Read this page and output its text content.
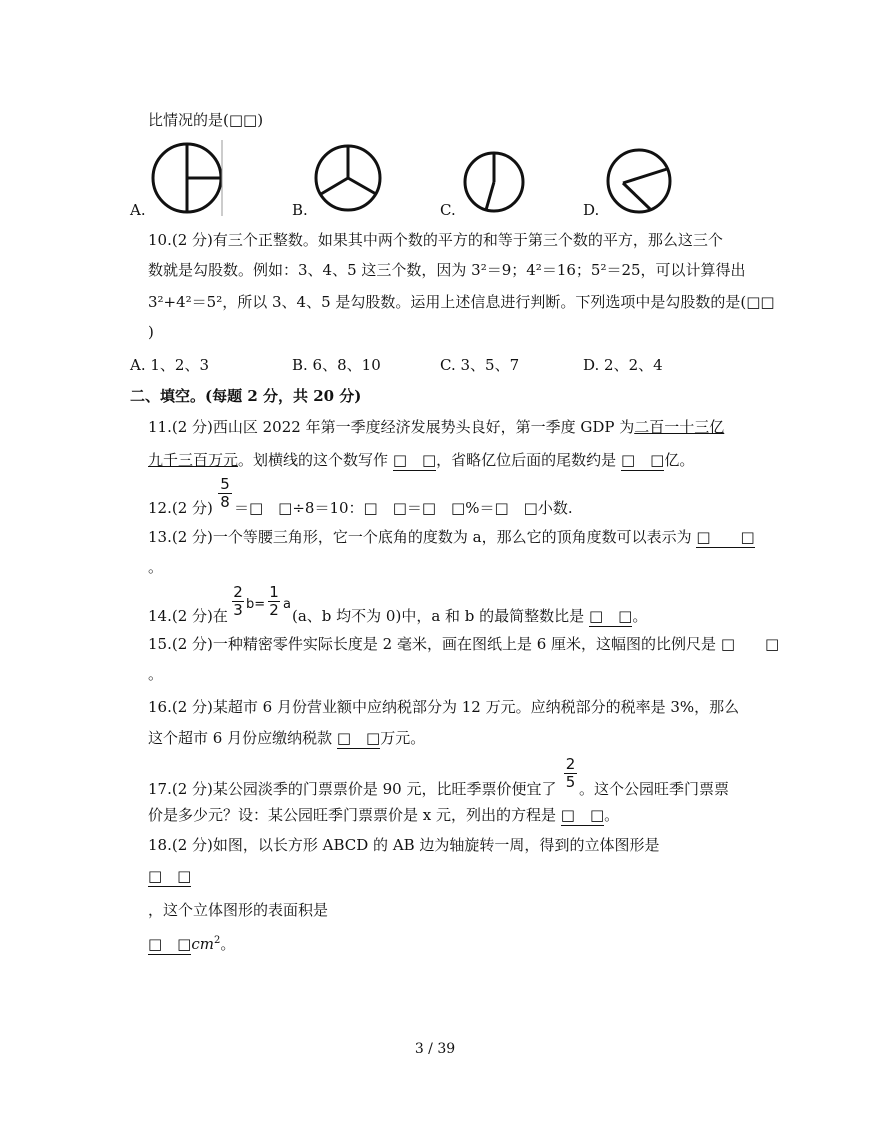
比情况的是(□□)
A.	B.	C.	D.
10.(2 分)有三个正整数。如果其中两个数的平方的和等于第三个数的平方，那么这三个
数就是勾股数。例如：3、4、5 这三个数，因为 3²＝9；4²＝16；5²＝25，可以计算得出
3²+4²＝5²，所以 3、4、5 是勾股数。运用上述信息进行判断。下列选项中是勾股数的是(□□
)
A. 1、2、3	B. 6、8、10	C. 3、5、7	D. 2、2、4
二、填空。(每题 2 分，共 20 分)
11.(2 分)西山区 2022 年第一季度经济发展势头良好，第一季度 GDP 为二百一十三亿
九千三百万元。划横线的这个数写作 □　□，省略亿位后面的尾数约是 □　□亿。
$\frac{5}{8}$
12.(2 分) ＝□　□÷8＝10：□　□＝□　□%＝□　□小数.
13.(2 分)一个等腰三角形，它一个底角的度数为 a，那么它的顶角度数可以表示为 □　　□
。
14.(2 分)在 $\frac{2}{3} b= \frac{1}{2}$ a
(a、b 均不为 0)中，a 和 b 的最简整数比是 □　□。
15.(2 分)一种精密零件实际长度是 2 毫米，画在图纸上是 6 厘米，这幅图的比例尺是 □　　□
。
16.(2 分)某超市 6 月份营业额中应纳税部分为 12 万元。应纳税部分的税率是 3%，那么
这个超市 6 月份应缴纳税款 □　□万元。
17.(2 分)某公园淡季的门票票价是 90 元，比旺季票价便宜了 $\frac{2}{5}$ 。这个公园旺季门票票
价是多少元？设：某公园旺季门票票价是 x 元，列出的方程是 □　□。
18.(2 分)如图，以长方形 ABCD 的 AB 边为轴旋转一周，得到的立体图形是
□　□
，这个立体图形的表面积是
□　$□cm^2$。
3 / 39
